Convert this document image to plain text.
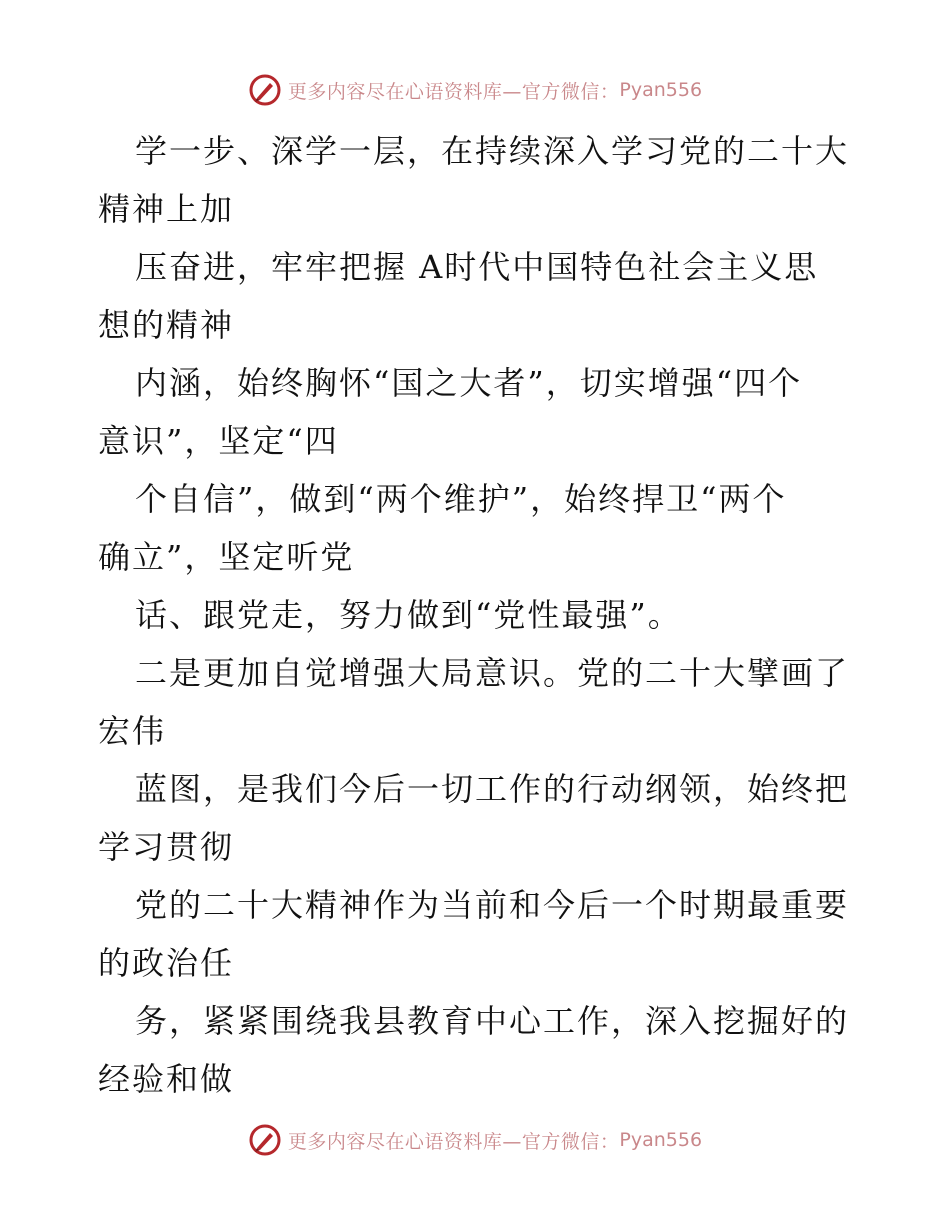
更多内容尽在心语资料库—官方微信： Pyan556
学一步、深学一层，在持续深入学习党的二十大
精神上加
压奋进，牢牢把握 A时代中国特色社会主义思
想的精神
内涵，始终胸怀“国之大者”，切实增强“四个
意识”，坚定“四
个自信”，做到“两个维护”，始终捍卫“两个
确立”，坚定听党
话、跟党走，努力做到“党性最强”。
二是更加自觉增强大局意识。党的二十大擘画了
宏伟
蓝图，是我们今后一切工作的行动纲领，始终把
学习贯彻
党的二十大精神作为当前和今后一个时期最重要
的政治任
务，紧紧围绕我县教育中心工作，深入挖掘好的
经验和做
更多内容尽在心语资料库—官方微信： Pyan556
